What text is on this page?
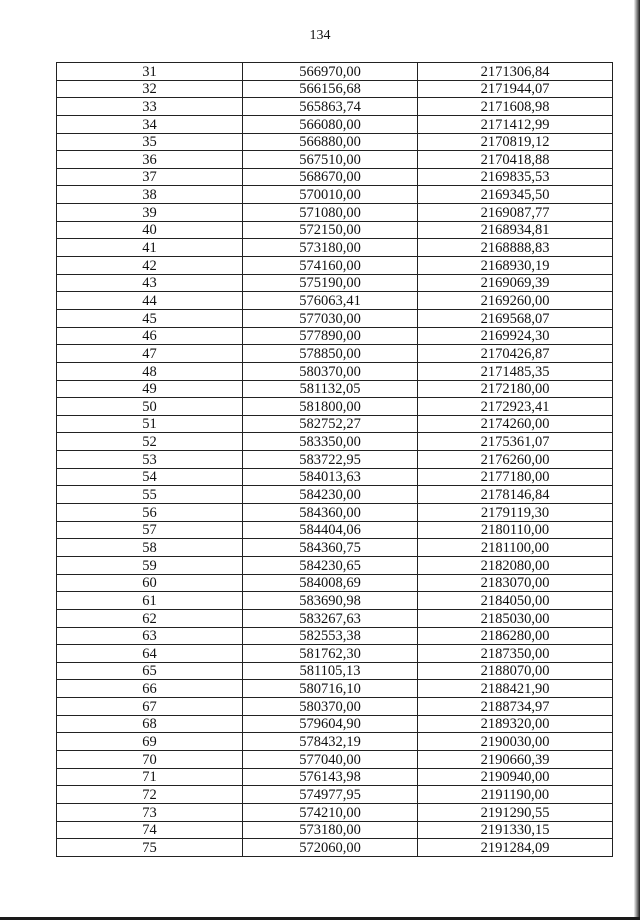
134
31	566970,00	2171306,84
32	566156,68	2171944,07
33	565863,74	2171608,98
34	566080,00	2171412,99
35	566880,00	2170819,12
36	567510,00	2170418,88
37	568670,00	2169835,53
38	570010,00	2169345,50
39	571080,00	2169087,77
40	572150,00	2168934,81
41	573180,00	2168888,83
42	574160,00	2168930,19
43	575190,00	2169069,39
44	576063,41	2169260,00
45	577030,00	2169568,07
46	577890,00	2169924,30
47	578850,00	2170426,87
48	580370,00	2171485,35
49	581132,05	2172180,00
50	581800,00	2172923,41
51	582752,27	2174260,00
52	583350,00	2175361,07
53	583722,95	2176260,00
54	584013,63	2177180,00
55	584230,00	2178146,84
56	584360,00	2179119,30
57	584404,06	2180110,00
58	584360,75	2181100,00
59	584230,65	2182080,00
60	584008,69	2183070,00
61	583690,98	2184050,00
62	583267,63	2185030,00
63	582553,38	2186280,00
64	581762,30	2187350,00
65	581105,13	2188070,00
66	580716,10	2188421,90
67	580370,00	2188734,97
68	579604,90	2189320,00
69	578432,19	2190030,00
70	577040,00	2190660,39
71	576143,98	2190940,00
72	574977,95	2191190,00
73	574210,00	2191290,55
74	573180,00	2191330,15
75	572060,00	2191284,09
